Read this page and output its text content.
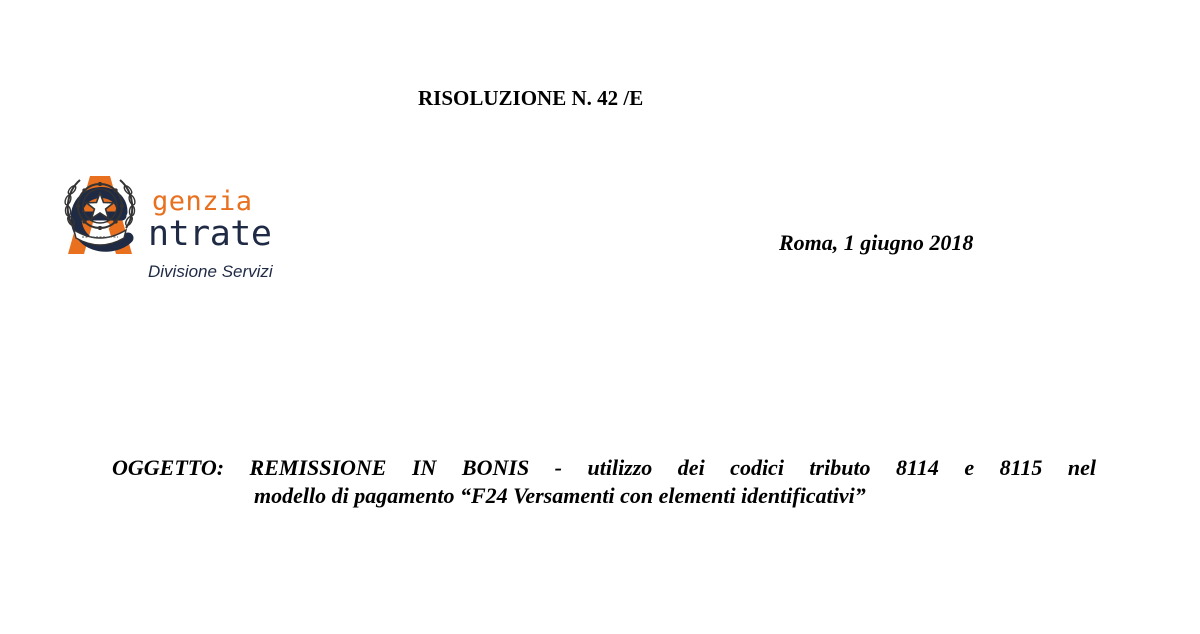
RISOLUZIONE N. 42 /E
genzia
ntrate
Divisione Servizi
Roma, 1 giugno 2018
OGGETTO: REMISSIONE IN BONIS - utilizzo dei codici tributo 8114 e 8115 nel
modello di pagamento “F24 Versamenti con elementi identificativi”
